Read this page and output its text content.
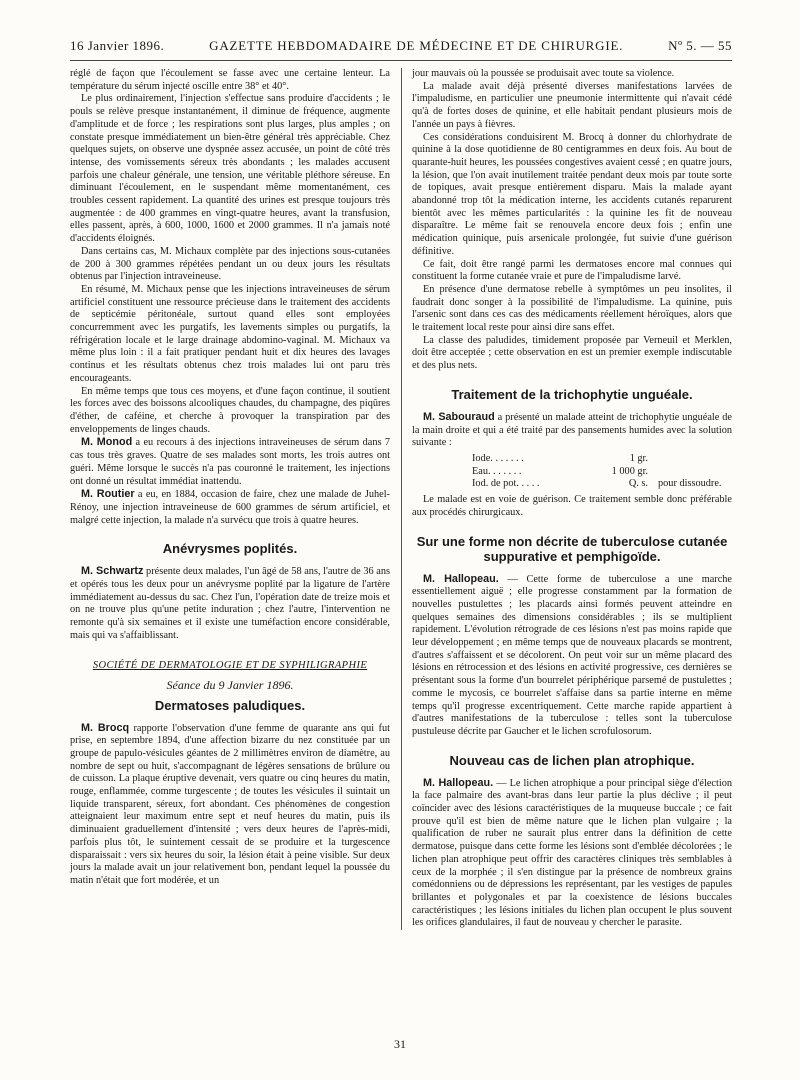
16 Janvier 1896.	GAZETTE HEBDOMADAIRE DE MÉDECINE ET DE CHIRURGIE.	Nº 5. — 55

réglé de façon que l'écoulement se fasse avec une certaine lenteur. La température du sérum injecté oscille entre 38° et 40°.

Le plus ordinairement, l'injection s'effectue sans produire d'accidents ; le pouls se relève presque instantanément, il diminue de fréquence, augmente d'amplitude et de force ; les respirations sont plus larges, plus amples ; on constate presque immédiatement un bien-être général très appréciable. Chez quelques sujets, on observe une dyspnée assez accusée, un point de côté très intense, des vomissements séreux très abondants ; les malades accusent parfois une chaleur générale, une tension, une véritable pléthore séreuse. En diminuant l'écoulement, en le suspendant même momentanément, ces troubles cessent rapidement. La quantité des urines est presque toujours très augmentée : de 400 grammes en vingt-quatre heures, avant la transfusion, elles passent, après, à 600, 1000, 1600 et 2000 grammes. Il n'a jamais noté d'accidents éloignés.

Dans certains cas, M. Michaux complète par des injections sous-cutanées de 200 à 300 grammes répétées pendant un ou deux jours les résultats obtenus par l'injection intraveineuse.

En résumé, M. Michaux pense que les injections intraveineuses de sérum artificiel constituent une ressource précieuse dans le traitement des accidents de septicémie péritonéale, surtout quand elles sont employées concurremment avec les purgatifs, les lavements simples ou purgatifs, la réfrigération locale et le large drainage abdomino-vaginal. M. Michaux va même plus loin : il a fait pratiquer pendant huit et dix heures des lavages continus et les résultats obtenus chez trois malades lui ont paru très encourageants.

En même temps que tous ces moyens, et d'une façon continue, il soutient les forces avec des boissons alcooliques chaudes, du champagne, des piqûres d'éther, de caféine, et cherche à provoquer la transpiration par des enveloppements de linges chauds.

M. Monod a eu recours à des injections intraveineuses de sérum dans 7 cas tous très graves. Quatre de ses malades sont morts, les trois autres ont guéri. Même lorsque le succès n'a pas couronné le traitement, les injections ont donné un résultat immédiat inattendu.

M. Routier a eu, en 1884, occasion de faire, chez une malade de Juhel-Rénoy, une injection intraveineuse de 600 grammes de sérum artificiel, et malgré cette injection, la malade n'a survécu que trois à quatre heures.

Anévrysmes poplités.

M. Schwartz présente deux malades, l'un âgé de 58 ans, l'autre de 36 ans et opérés tous les deux pour un anévrysme poplité par la ligature de l'artère immédiatement au-dessus du sac. Chez l'un, l'opération date de treize mois et on ne trouve plus qu'une petite induration ; chez l'autre, l'intervention ne remonte qu'à six semaines et il existe une tuméfaction encore considérable, mais qui va s'affaiblissant.

SOCIÉTÉ DE DERMATOLOGIE ET DE SYPHILIGRAPHIE
Séance du 9 Janvier 1896.
Dermatoses paludiques.

M. Brocq rapporte l'observation d'une femme de quarante ans qui fut prise, en septembre 1894, d'une affection bizarre du nez constituée par un groupe de papulo-vésicules géantes de 2 millimètres environ de diamètre, au nombre de sept ou huit, s'accompagnant de légères sensations de brûlure ou de cuisson. La plaque éruptive devenait, vers quatre ou cinq heures du matin, rouge, enflammée, comme turgescente ; de toutes les vésicules il suintait un liquide transparent, séreux, fort abondant. Ces phénomènes de congestion atteignaient leur maximum entre sept et neuf heures du matin, puis ils diminuaient graduellement d'intensité ; vers deux heures de l'après-midi, parfois plus tôt, le suintement cessait de se produire et la turgescence disparaissait : vers six heures du soir, la lésion était à peine visible. Sur deux jours la malade avait un jour relativement bon, pendant lequel la poussée du matin n'était que fort modérée, et un

jour mauvais où la poussée se produisait avec toute sa violence.

La malade avait déjà présenté diverses manifestations larvées de l'impaludisme, en particulier une pneumonie intermittente qui n'avait cédé qu'à de fortes doses de quinine, et elle habitait pendant plusieurs mois de l'année un pays à fièvres.

Ces considérations conduisirent M. Brocq à donner du chlorhydrate de quinine à la dose quotidienne de 80 centigrammes en deux fois. Au bout de quarante-huit heures, les poussées congestives avaient cessé ; en quatre jours, la lésion, que l'on avait inutilement traitée pendant deux mois par toute sorte de topiques, avait presque entièrement disparu. Mais la malade ayant abandonné trop tôt la médication interne, les accidents cutanés reparurent bientôt avec les mêmes particularités : la quinine les fit de nouveau disparaître. Le même fait se renouvela encore deux fois ; enfin une médication quinique, puis arsenicale prolongée, fut suivie d'une guérison définitive.

Ce fait, doit être rangé parmi les dermatoses encore mal connues qui constituent la forme cutanée vraie et pure de l'impaludisme larvé.

En présence d'une dermatose rebelle à symptômes un peu insolites, il faudrait donc songer à la possibilité de l'impaludisme. La quinine, puis l'arsenic sont dans ces cas des médicaments réellement héroïques, alors que le traitement local reste pour ainsi dire sans effet.

La classe des paludides, timidement proposée par Verneuil et Merklen, doit être acceptée ; cette observation en est un premier exemple indiscutable et des plus nets.

Traitement de la trichophytie unguéale.

M. Sabouraud a présenté un malade atteint de trichophytie unguéale de la main droite et qui a été traité par des pansements humides avec la solution suivante :

Iode. . . . . . .	1 gr.
Eau. . . . . . .	1 000 gr.
Iod. de pot. . . . .	Q. s. pour dissoudre.

Le malade est en voie de guérison. Ce traitement semble donc préférable aux procédés chirurgicaux.

Sur une forme non décrite de tuberculose cutanée suppurative et pemphigoïde.

M. Hallopeau. — Cette forme de tuberculose a une marche essentiellement aiguë ; elle progresse constamment par la formation de nouvelles pustulettes ; les placards ainsi formés peuvent atteindre en quelques semaines des dimensions considérables ; ils se multiplient rapidement. L'évolution rétrograde de ces lésions n'est pas moins rapide que leur développement ; en même temps que de nouveaux placards se montrent, d'autres s'affaissent et se décolorent. On peut voir sur un même placard des lésions en rétrocession et des lésions en activité progressive, ces dernières se présentant sous la forme d'un bourrelet périphérique parsemé de pustulettes ; comme le mycosis, ce bourrelet s'affaise dans sa partie interne en même temps qu'il progresse excentriquement. Cette marche rapide appartient à d'autres manifestations de la tuberculose : telles sont la tuberculose pustuleuse décrite par Gaucher et le lichen scrofulosorum.

Nouveau cas de lichen plan atrophique.

M. Hallopeau. — Le lichen atrophique a pour principal siège d'élection la face palmaire des avant-bras dans leur partie la plus déclive ; il peut coïncider avec des lésions caractéristiques de la muqueuse buccale ; ce fait prouve qu'il est bien de même nature que le lichen plan vulgaire ; la qualification de ruber ne saurait plus entrer dans la définition de cette dermatose, puisque dans cette forme les lésions sont d'emblée décolorées ; le lichen plan atrophique peut offrir des caractères cliniques très semblables à ceux de la morphée ; il s'en distingue par la présence de nombreux grains comédonniens ou de dépressions les représentant, par les vestiges de papules brillantes et polygonales et par la coexistence de lésions buccales caractéristiques ; les lésions initiales du lichen plan occupent le plus souvent les orifices glandulaires, il faut de nouveau y chercher le parasite.

31
